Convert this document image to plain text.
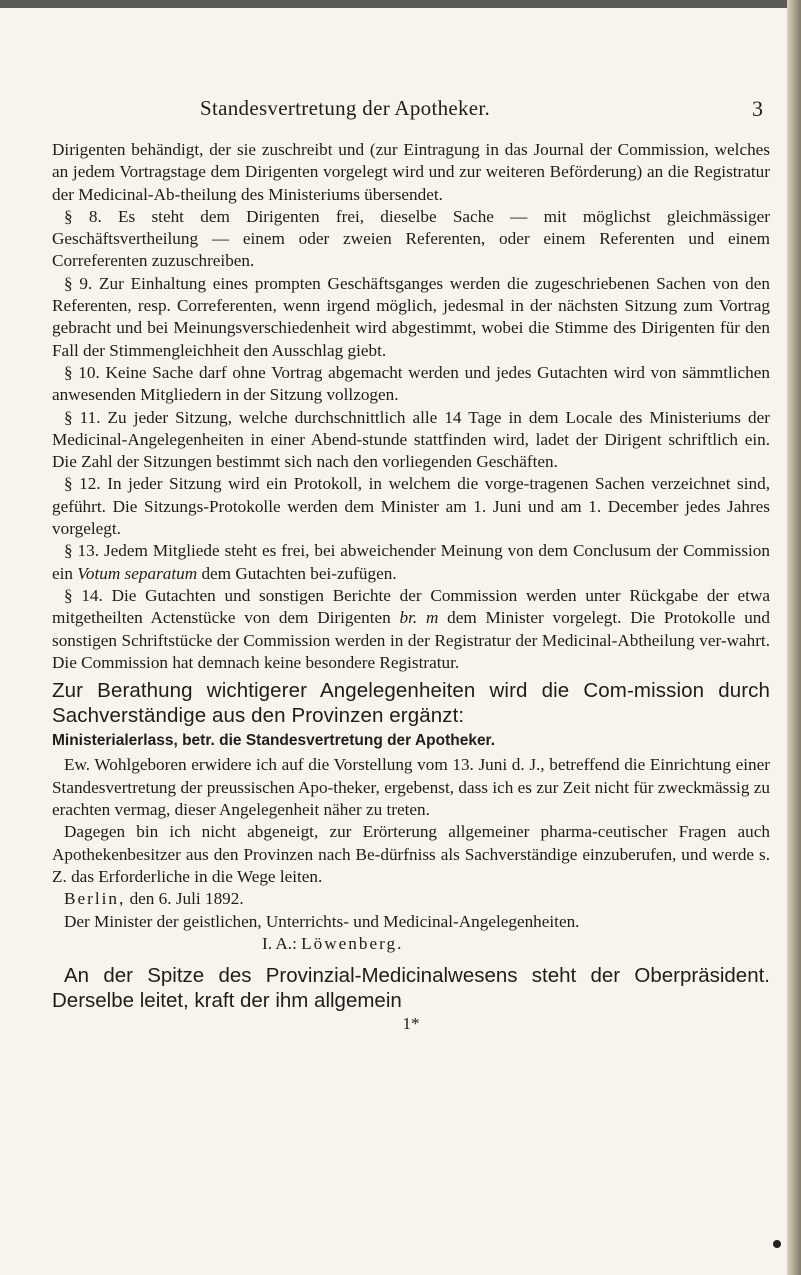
Standesvertretung der Apotheker.	3

Dirigenten behändigt, der sie zuschreibt und (zur Eintragung in das Journal der Commission, welches an jedem Vortragstage dem Dirigenten vorgelegt wird und zur weiteren Beförderung) an die Registratur der Medicinal-Ab-theilung des Ministeriums übersendet.

§ 8. Es steht dem Dirigenten frei, dieselbe Sache — mit möglichst gleichmässiger Geschäftsvertheilung — einem oder zweien Referenten, oder einem Referenten und einem Correferenten zuzuschreiben.

§ 9. Zur Einhaltung eines prompten Geschäftsganges werden die zugeschriebenen Sachen von den Referenten, resp. Correferenten, wenn irgend möglich, jedesmal in der nächsten Sitzung zum Vortrag gebracht und bei Meinungsverschiedenheit wird abgestimmt, wobei die Stimme des Dirigenten für den Fall der Stimmengleichheit den Ausschlag giebt.

§ 10. Keine Sache darf ohne Vortrag abgemacht werden und jedes Gutachten wird von sämmtlichen anwesenden Mitgliedern in der Sitzung vollzogen.

§ 11. Zu jeder Sitzung, welche durchschnittlich alle 14 Tage in dem Locale des Ministeriums der Medicinal-Angelegenheiten in einer Abend-stunde stattfinden wird, ladet der Dirigent schriftlich ein. Die Zahl der Sitzungen bestimmt sich nach den vorliegenden Geschäften.

§ 12. In jeder Sitzung wird ein Protokoll, in welchem die vorge-tragenen Sachen verzeichnet sind, geführt. Die Sitzungs-Protokolle werden dem Minister am 1. Juni und am 1. December jedes Jahres vorgelegt.

§ 13. Jedem Mitgliede steht es frei, bei abweichender Meinung von dem Conclusum der Commission ein Votum separatum dem Gutachten bei-zufügen.

§ 14. Die Gutachten und sonstigen Berichte der Commission werden unter Rückgabe der etwa mitgetheilten Actenstücke von dem Dirigenten br. m dem Minister vorgelegt. Die Protokolle und sonstigen Schriftstücke der Commission werden in der Registratur der Medicinal-Abtheilung ver-wahrt. Die Commission hat demnach keine besondere Registratur.

Zur Berathung wichtigerer Angelegenheiten wird die Com-mission durch Sachverständige aus den Provinzen ergänzt:

Ministerialerlass, betr. die Standesvertretung der Apotheker.

Ew. Wohlgeboren erwidere ich auf die Vorstellung vom 13. Juni d. J., betreffend die Einrichtung einer Standesvertretung der preussischen Apo-theker, ergebenst, dass ich es zur Zeit nicht für zweckmässig zu erachten vermag, dieser Angelegenheit näher zu treten.

Dagegen bin ich nicht abgeneigt, zur Erörterung allgemeiner pharma-ceutischer Fragen auch Apothekenbesitzer aus den Provinzen nach Be-dürfniss als Sachverständige einzuberufen, und werde s. Z. das Erforderliche in die Wege leiten.

Berlin, den 6. Juli 1892.

Der Minister der geistlichen, Unterrichts- und Medicinal-Angelegenheiten.

I. A.: Löwenberg.

An der Spitze des Provinzial-Medicinalwesens steht der Oberpräsident. Derselbe leitet, kraft der ihm allgemein

1*
